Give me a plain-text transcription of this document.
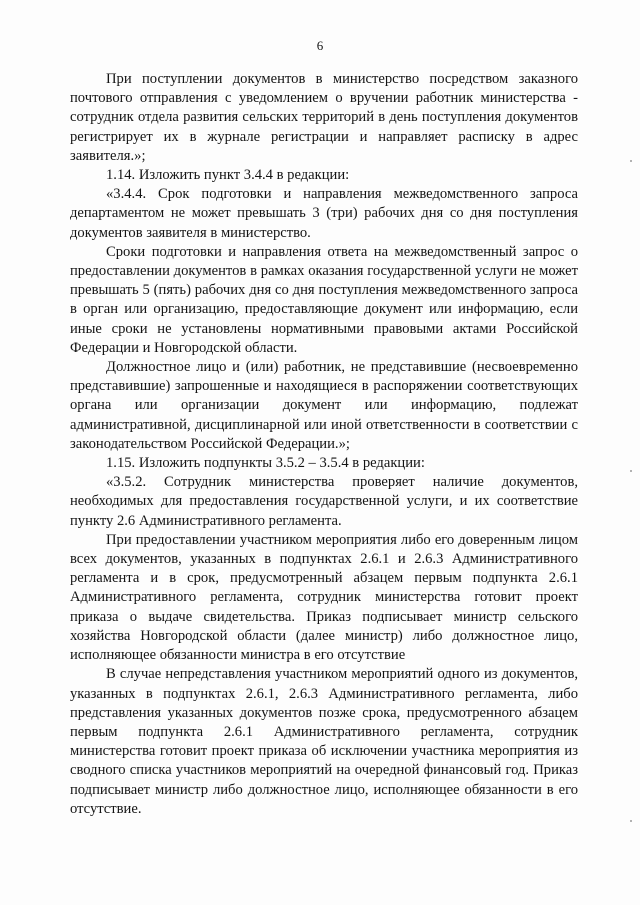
6

При поступлении документов в министерство посредством заказного почтового отправления с уведомлением о вручении работник министерства - сотрудник отдела развития сельских территорий в день поступления документов регистрирует их в журнале регистрации и направляет расписку в адрес заявителя.»;

1.14. Изложить пункт 3.4.4 в редакции:

«3.4.4. Срок подготовки и направления межведомственного запроса департаментом не может превышать 3 (три) рабочих дня со дня поступления документов заявителя в министерство.

Сроки подготовки и направления ответа на межведомственный запрос о предоставлении документов в рамках оказания государственной услуги не может превышать 5 (пять) рабочих дня со дня поступления межведомственного запроса в орган или организацию, предоставляющие документ или информацию, если иные сроки не установлены нормативными правовыми актами Российской Федерации и Новгородской области.

Должностное лицо и (или) работник, не представившие (несвоевременно представившие) запрошенные и находящиеся в распоряжении соответствующих органа или организации документ или информацию, подлежат административной, дисциплинарной или иной ответственности в соответствии с законодательством Российской Федерации.»;

1.15. Изложить подпункты 3.5.2 – 3.5.4 в редакции:

«3.5.2. Сотрудник министерства проверяет наличие документов, необходимых для предоставления государственной услуги, и их соответствие пункту 2.6 Административного регламента.

При предоставлении участником мероприятия либо его доверенным лицом всех документов, указанных в подпунктах 2.6.1 и 2.6.3 Административного регламента и в срок, предусмотренный абзацем первым подпункта 2.6.1 Административного регламента, сотрудник министерства готовит проект приказа о выдаче свидетельства. Приказ подписывает министр сельского хозяйства Новгородской области (далее министр) либо должностное лицо, исполняющее обязанности министра в его отсутствие

В случае непредставления участником мероприятий одного из документов, указанных в подпунктах 2.6.1, 2.6.3 Административного регламента, либо представления указанных документов позже срока, предусмотренного абзацем первым подпункта 2.6.1 Административного регламента, сотрудник министерства готовит проект приказа об исключении участника мероприятия из сводного списка участников мероприятий на очередной финансовый год. Приказ подписывает министр либо должностное лицо, исполняющее обязанности в его отсутствие.
